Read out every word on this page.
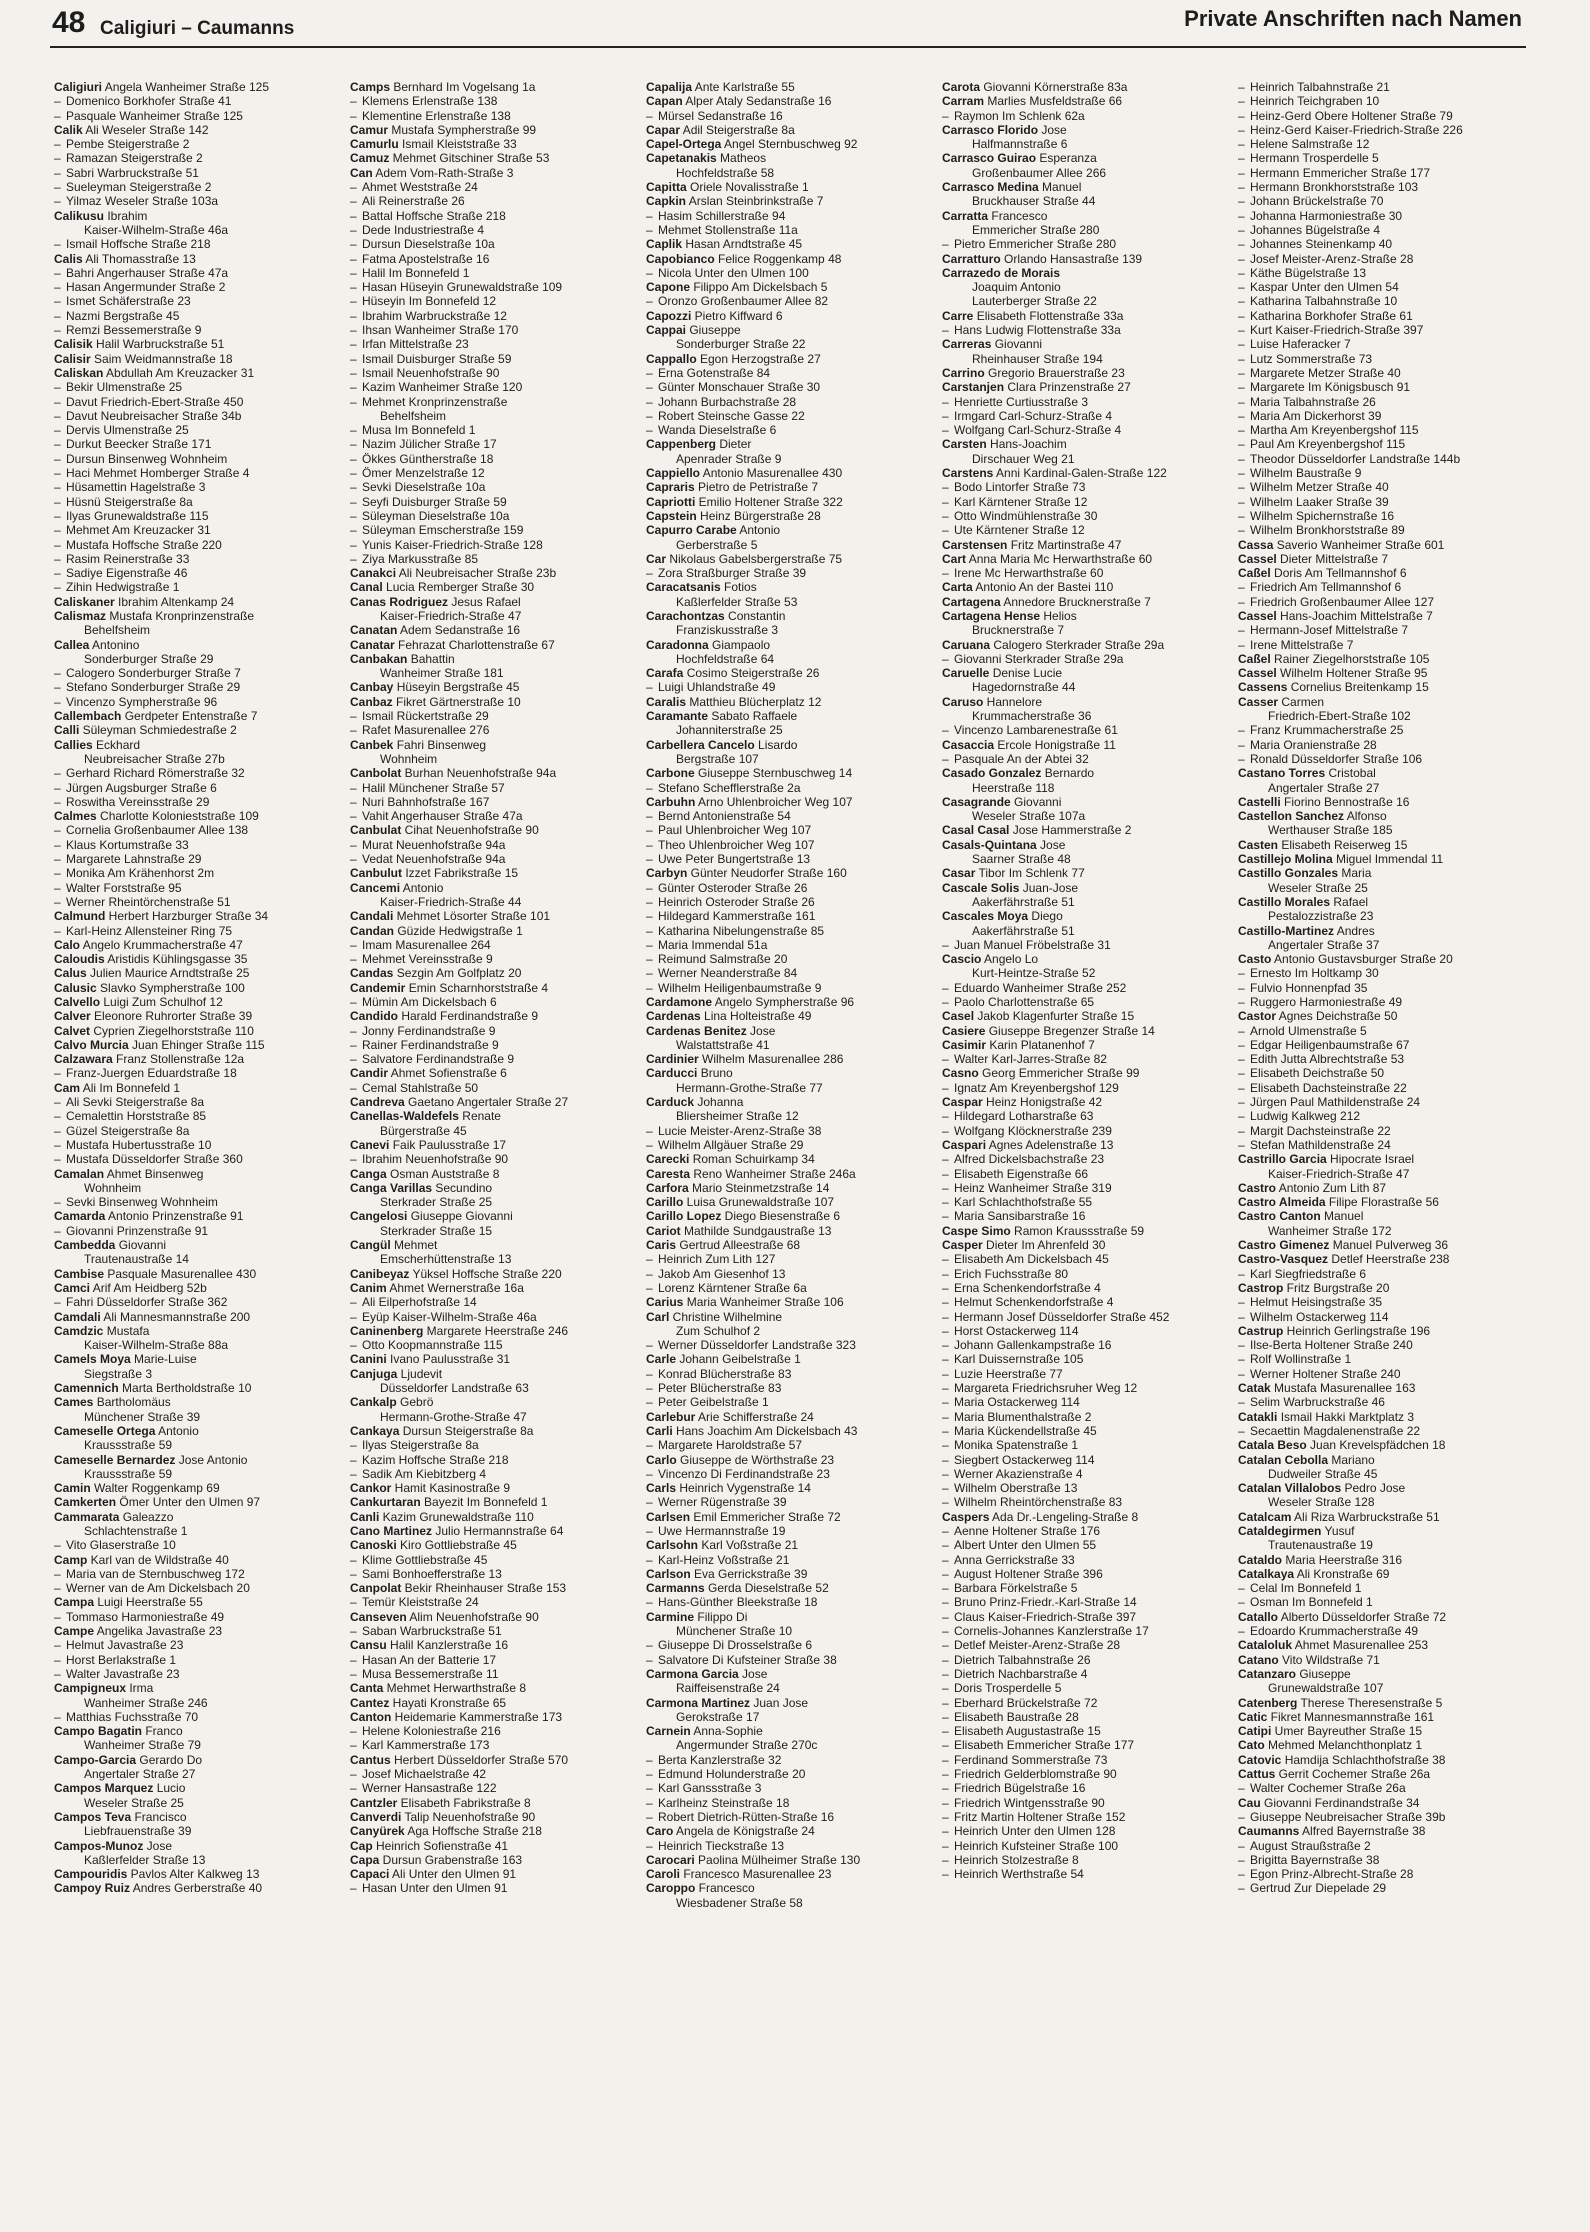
48 Caligiuri – Caumanns	Private Anschriften nach Namen
Caligiuri Angela Wanheimer Straße 125
– Domenico Borkhofer Straße 41
– Pasquale Wanheimer Straße 125
Calik Ali Weseler Straße 142
– Pembe Steigerstraße 2
– Ramazan Steigerstraße 2
– Sabri Warbruckstraße 51
– Sueleyman Steigerstraße 2
– Yilmaz Weseler Straße 103a
Calikusu Ibrahim
Kaiser-Wilhelm-Straße 46a
– Ismail Hoffsche Straße 218
Calis Ali Thomasstraße 13
– Bahri Angerhauser Straße 47a
– Hasan Angermunder Straße 2
– Ismet Schäferstraße 23
– Nazmi Bergstraße 45
– Remzi Bessemerstraße 9
Calisik Halil Warbruckstraße 51
Calisir Saim Weidmannstraße 18
Caliskan Abdullah Am Kreuzacker 31
– Bekir Ulmenstraße 25
– Davut Friedrich-Ebert-Straße 450
– Davut Neubreisacher Straße 34b
– Dervis Ulmenstraße 25
– Durkut Beecker Straße 171
– Dursun Binsenweg Wohnheim
– Haci Mehmet Homberger Straße 4
– Hüsamettin Hagelstraße 3
– Hüsnü Steigerstraße 8a
– Ilyas Grunewaldstraße 115
– Mehmet Am Kreuzacker 31
– Mustafa Hoffsche Straße 220
– Rasim Reinerstraße 33
– Sadiye Eigenstraße 46
– Zihin Hedwigstraße 1
Caliskaner Ibrahim Altenkamp 24
Calismaz Mustafa Kronprinzenstraße
Behelfsheim
Callea Antonino
Sonderburger Straße 29
– Calogero Sonderburger Straße 7
– Stefano Sonderburger Straße 29
– Vincenzo Sympherstraße 96
Callembach Gerdpeter Entenstraße 7
Calli Süleyman Schmiedestraße 2
Callies Eckhard
Neubreisacher Straße 27b
– Gerhard Richard Römerstraße 32
– Jürgen Augsburger Straße 6
– Roswitha Vereinsstraße 29
Calmes Charlotte Kolonieststraße 109
– Cornelia Großenbaumer Allee 138
– Klaus Kortumstraße 33
– Margarete Lahnstraße 29
– Monika Am Krähenhorst 2m
– Walter Forststraße 95
– Werner Rheintörchenstraße 51
Calmund Herbert Harzburger Straße 34
– Karl-Heinz Allensteiner Ring 75
Calo Angelo Krummacherstraße 47
Caloudis Aristidis Kühlingsgasse 35
Calus Julien Maurice Arndtstraße 25
Calusic Slavko Sympherstraße 100
Calvello Luigi Zum Schulhof 12
Calver Eleonore Ruhrorter Straße 39
Calvet Cyprien Ziegelhorststraße 110
Calvo Murcia Juan Ehinger Straße 115
Calzawara Franz Stollenstraße 12a
– Franz-Juergen Eduardstraße 18
Cam Ali Im Bonnefeld 1
– Ali Sevki Steigerstraße 8a
– Cemalettin Horststraße 85
– Güzel Steigerstraße 8a
– Mustafa Hubertusstraße 10
– Mustafa Düsseldorfer Straße 360
Camalan Ahmet Binsenweg
Wohnheim
– Sevki Binsenweg Wohnheim
Camarda Antonio Prinzenstraße 91
– Giovanni Prinzenstraße 91
Cambedda Giovanni
Trautenaustraße 14
Cambise Pasquale Masurenallee 430
Camci Arif Am Heidberg 52b
– Fahri Düsseldorfer Straße 362
Camdali Ali Mannesmannstraße 200
Camdzic Mustafa
Kaiser-Wilhelm-Straße 88a
Camels Moya Marie-Luise
Siegstraße 3
Camennich Marta Bertholdstraße 10
Cames Bartholomäus
Münchener Straße 39
Cameselle Ortega Antonio
Kraussstraße 59
Cameselle Bernardez Jose Antonio
Kraussstraße 59
Camin Walter Roggenkamp 69
Camkerten Ömer Unter den Ulmen 97
Cammarata Galeazzo
Schlachtenstraße 1
– Vito Glaserstraße 10
Camp Karl van de Wildstraße 40
– Maria van de Sternbuschweg 172
– Werner van de Am Dickelsbach 20
Campa Luigi Heerstraße 55
– Tommaso Harmoniestraße 49
Campe Angelika Javastraße 23
– Helmut Javastraße 23
– Horst Berlakstraße 1
– Walter Javastraße 23
Campigneux Irma
Wanheimer Straße 246
– Matthias Fuchsstraße 70
Campo Bagatin Franco
Wanheimer Straße 79
Campo-Garcia Gerardo Do
Angertaler Straße 27
Campos Marquez Lucio
Weseler Straße 25
Campos Teva Francisco
Liebfrauenstraße 39
Campos-Munoz Jose
Kaßlerfelder Straße 13
Campouridis Pavlos Alter Kalkweg 13
Campoy Ruiz Andres Gerberstraße 40
Camps Bernhard Im Vogelsang 1a
– Klemens Erlenstraße 138
– Klementine Erlenstraße 138
Camur Mustafa Sympherstraße 99
Camurlu Ismail Kleiststraße 33
Camuz Mehmet Gitschiner Straße 53
Can Adem Vom-Rath-Straße 3
– Ahmet Weststraße 24
– Ali Reinerstraße 26
– Battal Hoffsche Straße 218
– Dede Industriestraße 4
– Dursun Dieselstraße 10a
– Fatma Apostelstraße 16
– Halil Im Bonnefeld 1
– Hasan Hüseyin Grunewaldstraße 109
– Hüseyin Im Bonnefeld 12
– Ibrahim Warbruckstraße 12
– Ihsan Wanheimer Straße 170
– Irfan Mittelstraße 23
– Ismail Duisburger Straße 59
– Ismail Neuenhofstraße 90
– Kazim Wanheimer Straße 120
– Mehmet Kronprinzenstraße
Behelfsheim
– Musa Im Bonnefeld 1
– Nazim Jülicher Straße 17
– Ökkes Güntherstraße 18
– Ömer Menzelstraße 12
– Sevki Dieselstraße 10a
– Seyfi Duisburger Straße 59
– Süleyman Dieselstraße 10a
– Süleyman Emscherstraße 159
– Yunis Kaiser-Friedrich-Straße 128
– Ziya Markusstraße 85
Canakci Ali Neubreisacher Straße 23b
Canal Lucia Remberger Straße 30
Canas Rodriguez Jesus Rafael
Kaiser-Friedrich-Straße 47
Canatan Adem Sedanstraße 16
Canatar Fehrazat Charlottenstraße 67
Canbakan Bahattin
Wanheimer Straße 181
Canbay Hüseyin Bergstraße 45
Canbaz Fikret Gärtnerstraße 10
– Ismail Rückertstraße 29
– Rafet Masurenallee 276
Canbek Fahri Binsenweg
Wohnheim
Canbolat Burhan Neuenhofstraße 94a
– Halil Münchener Straße 57
– Nuri Bahnhofstraße 167
– Vahit Angerhauser Straße 47a
Canbulat Cihat Neuenhofstraße 90
– Murat Neuenhofstraße 94a
– Vedat Neuenhofstraße 94a
Canbulut Izzet Fabrikstraße 15
Cancemi Antonio
Kaiser-Friedrich-Straße 44
Candali Mehmet Lösorter Straße 101
Candan Güzide Hedwigstraße 1
– Imam Masurenallee 264
– Mehmet Vereinsstraße 9
Candas Sezgin Am Golfplatz 20
Candemir Emin Scharnhorststraße 4
– Mümin Am Dickelsbach 6
Candido Harald Ferdinandstraße 9
– Jonny Ferdinandstraße 9
– Rainer Ferdinandstraße 9
– Salvatore Ferdinandstraße 9
Candir Ahmet Sofienstraße 6
– Cemal Stahlstraße 50
Candreva Gaetano Angertaler Straße 27
Canellas-Waldefels Renate
Bürgerstraße 45
Canevi Faik Paulusstraße 17
– Ibrahim Neuenhofstraße 90
Canga Osman Auststraße 8
Canga Varillas Secundino
Sterkrader Straße 25
Cangelosi Giuseppe Giovanni
Sterkrader Straße 15
Cangül Mehmet
Emscherhüttenstraße 13
Canibeyaz Yüksel Hoffsche Straße 220
Canim Ahmet Wernerstraße 16a
– Ali Eilperhofstraße 14
– Eyüp Kaiser-Wilhelm-Straße 46a
Caninenberg Margarete Heerstraße 246
– Otto Koopmannstraße 115
Canini Ivano Paulusstraße 31
Canjuga Ljudevit
Düsseldorfer Landstraße 63
Cankalp Gebrö
Hermann-Grothe-Straße 47
Cankaya Dursun Steigerstraße 8a
– Ilyas Steigerstraße 8a
– Kazim Hoffsche Straße 218
– Sadik Am Kiebitzberg 4
Cankor Hamit Kasinostraße 9
Cankurtaran Bayezit Im Bonnefeld 1
Canli Kazim Grunewaldstraße 110
Cano Martinez Julio Hermannstraße 64
Canoski Kiro Gottliebstraße 45
– Klime Gottliebstraße 45
– Sami Bonhoefferstraße 13
Canpolat Bekir Rheinhauser Straße 153
– Temür Kleiststraße 24
Canseven Alim Neuenhofstraße 90
– Saban Warbruckstraße 51
Cansu Halil Kanzlerstraße 16
– Hasan An der Batterie 17
– Musa Bessemerstraße 11
Canta Mehmet Herwarthstraße 8
Cantez Hayati Kronstraße 65
Canton Heidemarie Kammerstraße 173
– Helene Koloniestraße 216
– Karl Kammerstraße 173
Cantus Herbert Düsseldorfer Straße 570
– Josef Michaelstraße 42
– Werner Hansastraße 122
Cantzler Elisabeth Fabrikstraße 8
Canverdi Talip Neuenhofstraße 90
Canyürek Aga Hoffsche Straße 218
Cap Heinrich Sofienstraße 41
Capa Dursun Grabenstraße 163
Capaci Ali Unter den Ulmen 91
– Hasan Unter den Ulmen 91
Capalija Ante Karlstraße 55
Capan Alper Ataly Sedanstraße 16
– Mürsel Sedanstraße 16
Capar Adil Steigerstraße 8a
Capel-Ortega Angel Sternbuschweg 92
Capetanakis Matheos
Hochfeldstraße 58
Capitta Oriele Novalisstraße 1
Capkin Arslan Steinbrinkstraße 7
– Hasim Schillerstraße 94
– Mehmet Stollenstraße 11a
Caplik Hasan Arndtstraße 45
Capobianco Felice Roggenkamp 48
– Nicola Unter den Ulmen 100
Capone Filippo Am Dickelsbach 5
– Oronzo Großenbaumer Allee 82
Capozzi Pietro Kiffward 6
Cappai Giuseppe
Sonderburger Straße 22
Cappallo Egon Herzogstraße 27
– Erna Gotenstraße 84
– Günter Monschauer Straße 30
– Johann Burbachstraße 28
– Robert Steinsche Gasse 22
– Wanda Dieselstraße 6
Cappenberg Dieter
Apenrader Straße 9
Cappiello Antonio Masurenallee 430
Capraris Pietro de Petristraße 7
Capriotti Emilio Holtener Straße 322
Capstein Heinz Bürgerstraße 28
Capurro Carabe Antonio
Gerberstraße 5
Car Nikolaus Gabelsbergerstraße 75
– Zora Straßburger Straße 39
Caracatsanis Fotios
Kaßlerfelder Straße 53
Carachontzas Constantin
Franziskusstraße 3
Caradonna Giampaolo
Hochfeldstraße 64
Carafa Cosimo Steigerstraße 26
– Luigi Uhlandstraße 49
Caralis Matthieu Blücherplatz 12
Caramante Sabato Raffaele
Johanniterstraße 25
Carbellera Cancelo Lisardo
Bergstraße 107
Carbone Giuseppe Sternbuschweg 14
– Stefano Schefflerstraße 2a
Carbuhn Arno Uhlenbroicher Weg 107
– Bernd Antonienstraße 54
– Paul Uhlenbroicher Weg 107
– Theo Uhlenbroicher Weg 107
– Uwe Peter Bungertstraße 13
Carbyn Günter Neudorfer Straße 160
– Günter Osteroder Straße 26
– Heinrich Osteroder Straße 26
– Hildegard Kammerstraße 161
– Katharina Nibelungenstraße 85
– Maria Immendal 51a
– Reimund Salmstraße 20
– Werner Neanderstraße 84
– Wilhelm Heiligenbaumstraße 9
Cardamone Angelo Sympherstraße 96
Cardenas Lina Holteistraße 49
Cardenas Benitez Jose
Walstattstraße 41
Cardinier Wilhelm Masurenallee 286
Carducci Bruno
Hermann-Grothe-Straße 77
Carduck Johanna
Bliersheimer Straße 12
– Lucie Meister-Arenz-Straße 38
– Wilhelm Allgäuer Straße 29
Carecki Roman Schuirkamp 34
Caresta Reno Wanheimer Straße 246a
Carfora Mario Steinmetzstraße 14
Carillo Luisa Grunewaldstraße 107
Carillo Lopez Diego Biesenstraße 6
Cariot Mathilde Sundgaustraße 13
Caris Gertrud Alleestraße 68
– Heinrich Zum Lith 127
– Jakob Am Giesenhof 13
– Lorenz Kärntener Straße 6a
Carius Maria Wanheimer Straße 106
Carl Christine Wilhelmine
Zum Schulhof 2
– Werner Düsseldorfer Landstraße 323
Carle Johann Geibelstraße 1
– Konrad Blücherstraße 83
– Peter Blücherstraße 83
– Peter Geibelstraße 1
Carlebur Arie Schifferstraße 24
Carli Hans Joachim Am Dickelsbach 43
– Margarete Haroldstraße 57
Carlo Giuseppe de Wörthstraße 23
– Vincenzo Di Ferdinandstraße 23
Carls Heinrich Vygenstraße 14
– Werner Rügenstraße 39
Carlsen Emil Emmericher Straße 72
– Uwe Hermannstraße 19
Carlsohn Karl Voßstraße 21
– Karl-Heinz Voßstraße 21
Carlson Eva Gerrickstraße 39
Carmanns Gerda Dieselstraße 52
– Hans-Günther Bleekstraße 18
Carmine Filippo Di
Münchener Straße 10
– Giuseppe Di Drosselstraße 6
– Salvatore Di Kufsteiner Straße 38
Carmona Garcia Jose
Raiffeisenstraße 24
Carmona Martinez Juan Jose
Gerokstraße 17
Carnein Anna-Sophie
Angermunder Straße 270c
– Berta Kanzlerstraße 32
– Edmund Holunderstraße 20
– Karl Ganssstraße 3
– Karlheinz Steinstraße 18
– Robert Dietrich-Rütten-Straße 16
Caro Angela de Königstraße 24
– Heinrich Tieckstraße 13
Carocari Paolina Mülheimer Straße 130
Caroli Francesco Masurenallee 23
Caroppo Francesco
Wiesbadener Straße 58
Carota Giovanni Körnerstraße 83a
Carram Marlies Musfeldstraße 66
– Raymon Im Schlenk 62a
Carrasco Florido Jose
Halfmannstraße 6
Carrasco Guirao Esperanza
Großenbaumer Allee 266
Carrasco Medina Manuel
Bruckhauser Straße 44
Carratta Francesco
Emmericher Straße 280
– Pietro Emmericher Straße 280
Carratturo Orlando Hansastraße 139
Carrazedo de Morais
Joaquim Antonio
Lauterberger Straße 22
Carre Elisabeth Flottenstraße 33a
– Hans Ludwig Flottenstraße 33a
Carreras Giovanni
Rheinhauser Straße 194
Carrino Gregorio Brauerstraße 23
Carstanjen Clara Prinzenstraße 27
– Henriette Curtiusstraße 3
– Irmgard Carl-Schurz-Straße 4
– Wolfgang Carl-Schurz-Straße 4
Carsten Hans-Joachim
Dirschauer Weg 21
Carstens Anni Kardinal-Galen-Straße 122
– Bodo Lintorfer Straße 73
– Karl Kärntener Straße 12
– Otto Windmühlenstraße 30
– Ute Kärntener Straße 12
Carstensen Fritz Martinstraße 47
Cart Anna Maria Mc Herwarthstraße 60
– Irene Mc Herwarthstraße 60
Carta Antonio An der Bastei 110
Cartagena Annedore Brucknerstraße 7
Cartagena Hense Helios
Brucknerstraße 7
Caruana Calogero Sterkrader Straße 29a
– Giovanni Sterkrader Straße 29a
Caruelle Denise Lucie
Hagedornstraße 44
Caruso Hannelore
Krummacherstraße 36
– Vincenzo Lambarenestraße 61
Casaccia Ercole Honigstraße 11
– Pasquale An der Abtei 32
Casado Gonzalez Bernardo
Heerstraße 118
Casagrande Giovanni
Weseler Straße 107a
Casal Casal Jose Hammerstraße 2
Casals-Quintana Jose
Saarner Straße 48
Casar Tibor Im Schlenk 77
Cascale Solis Juan-Jose
Aakerfährstraße 51
Cascales Moya Diego
Aakerfährstraße 51
– Juan Manuel Fröbelstraße 31
Cascio Angelo Lo
Kurt-Heintze-Straße 52
– Eduardo Wanheimer Straße 252
– Paolo Charlottenstraße 65
Casel Jakob Klagenfurter Straße 15
Casiere Giuseppe Bregenzer Straße 14
Casimir Karin Platanenhof 7
– Walter Karl-Jarres-Straße 82
Casno Georg Emmericher Straße 99
– Ignatz Am Kreyenbergshof 129
Caspar Heinz Honigstraße 42
– Hildegard Lotharstraße 63
– Wolfgang Klöcknerstraße 239
Caspari Agnes Adelenstraße 13
– Alfred Dickelsbachstraße 23
– Elisabeth Eigenstraße 66
– Heinz Wanheimer Straße 319
– Karl Schlachthofstraße 55
– Maria Sansibarstraße 16
Caspe Simo Ramon Kraussstraße 59
Casper Dieter Im Ahrenfeld 30
– Elisabeth Am Dickelsbach 45
– Erich Fuchsstraße 80
– Erna Schenkendorfstraße 4
– Helmut Schenkendorfstraße 4
– Hermann Josef Düsseldorfer Straße 452
– Horst Ostackerweg 114
– Johann Gallenkampstraße 16
– Karl Duissernstraße 105
– Luzie Heerstraße 77
– Margareta Friedrichsruher Weg 12
– Maria Ostackerweg 114
– Maria Blumenthalstraße 2
– Maria Kückendellstraße 45
– Monika Spatenstraße 1
– Siegbert Ostackerweg 114
– Werner Akazienstraße 4
– Wilhelm Oberstraße 13
– Wilhelm Rheintörchenstraße 83
Caspers Ada Dr.-Lengeling-Straße 8
– Aenne Holtener Straße 176
– Albert Unter den Ulmen 55
– Anna Gerrickstraße 33
– August Holtener Straße 396
– Barbara Förkelstraße 5
– Bruno Prinz-Friedr.-Karl-Straße 14
– Claus Kaiser-Friedrich-Straße 397
– Cornelis-Johannes Kanzlerstraße 17
– Detlef Meister-Arenz-Straße 28
– Dietrich Talbahnstraße 26
– Dietrich Nachbarstraße 4
– Doris Trosperdelle 5
– Eberhard Brückelstraße 72
– Elisabeth Baustraße 28
– Elisabeth Augustastraße 15
– Elisabeth Emmericher Straße 177
– Ferdinand Sommerstraße 73
– Friedrich Gelderblomstraße 90
– Friedrich Bügelstraße 16
– Friedrich Wintgensstraße 90
– Fritz Martin Holtener Straße 152
– Heinrich Unter den Ulmen 128
– Heinrich Kufsteiner Straße 100
– Heinrich Stolzestraße 8
– Heinrich Werthstraße 54
– Heinrich Talbahnstraße 21
– Heinrich Teichgraben 10
– Heinz-Gerd Obere Holtener Straße 79
– Heinz-Gerd Kaiser-Friedrich-Straße 226
– Helene Salmstraße 12
– Hermann Trosperdelle 5
– Hermann Emmericher Straße 177
– Hermann Bronkhorststraße 103
– Johann Brückelstraße 70
– Johanna Harmoniestraße 30
– Johannes Bügelstraße 4
– Johannes Steinenkamp 40
– Josef Meister-Arenz-Straße 28
– Käthe Bügelstraße 13
– Kaspar Unter den Ulmen 54
– Katharina Talbahnstraße 10
– Katharina Borkhofer Straße 61
– Kurt Kaiser-Friedrich-Straße 397
– Luise Haferacker 7
– Lutz Sommerstraße 73
– Margarete Metzer Straße 40
– Margarete Im Königsbusch 91
– Maria Talbahnstraße 26
– Maria Am Dickerhorst 39
– Martha Am Kreyenbergshof 115
– Paul Am Kreyenbergshof 115
– Theodor Düsseldorfer Landstraße 144b
– Wilhelm Baustraße 9
– Wilhelm Metzer Straße 40
– Wilhelm Laaker Straße 39
– Wilhelm Spichernstraße 16
– Wilhelm Bronkhorststraße 89
Cassa Saverio Wanheimer Straße 601
Cassel Dieter Mittelstraße 7
Caßel Doris Am Tellmannshof 6
– Friedrich Am Tellmannshof 6
– Friedrich Großenbaumer Allee 127
Cassel Hans-Joachim Mittelstraße 7
– Hermann-Josef Mittelstraße 7
– Irene Mittelstraße 7
Caßel Rainer Ziegelhorststraße 105
Cassel Wilhelm Holtener Straße 95
Cassens Cornelius Breitenkamp 15
Casser Carmen
Friedrich-Ebert-Straße 102
– Franz Krummacherstraße 25
– Maria Oranienstraße 28
– Ronald Düsseldorfer Straße 106
Castano Torres Cristobal
Angertaler Straße 27
Castelli Fiorino Bennostraße 16
Castellon Sanchez Alfonso
Werthauser Straße 185
Casten Elisabeth Reiserweg 15
Castillejo Molina Miguel Immendal 11
Castillo Gonzales Maria
Weseler Straße 25
Castillo Morales Rafael
Pestalozzistraße 23
Castillo-Martinez Andres
Angertaler Straße 37
Casto Antonio Gustavsburger Straße 20
– Ernesto Im Holtkamp 30
– Fulvio Honnenpfad 35
– Ruggero Harmoniestraße 49
Castor Agnes Deichstraße 50
– Arnold Ulmenstraße 5
– Edgar Heiligenbaumstraße 67
– Edith Jutta Albrechtstraße 53
– Elisabeth Deichstraße 50
– Elisabeth Dachsteinstraße 22
– Jürgen Paul Mathildenstraße 24
– Ludwig Kalkweg 212
– Margit Dachsteinstraße 22
– Stefan Mathildenstraße 24
Castrillo Garcia Hipocrate Israel
Kaiser-Friedrich-Straße 47
Castro Antonio Zum Lith 87
Castro Almeida Filipe Florastraße 56
Castro Canton Manuel
Wanheimer Straße 172
Castro Gimenez Manuel Pulverweg 36
Castro-Vasquez Detlef Heerstraße 238
– Karl Siegfriedstraße 6
Castrop Fritz Burgstraße 20
– Helmut Heisingstraße 35
– Wilhelm Ostackerweg 114
Castrup Heinrich Gerlingstraße 196
– Ilse-Berta Holtener Straße 240
– Rolf Wollinstraße 1
– Werner Holtener Straße 240
Catak Mustafa Masurenallee 163
– Selim Warbruckstraße 46
Catakli Ismail Hakki Marktplatz 3
– Secaettin Magdalenenstraße 22
Catala Beso Juan Krevelspfädchen 18
Catalan Cebolla Mariano
Dudweiler Straße 45
Catalan Villalobos Pedro Jose
Weseler Straße 128
Catalcam Ali Riza Warbruckstraße 51
Cataldegirmen Yusuf
Trautenaustraße 19
Cataldo Maria Heerstraße 316
Catalkaya Ali Kronstraße 69
– Celal Im Bonnefeld 1
– Osman Im Bonnefeld 1
Catallo Alberto Düsseldorfer Straße 72
– Edoardo Krummacherstraße 49
Cataloluk Ahmet Masurenallee 253
Catano Vito Wildstraße 71
Catanzaro Giuseppe
Grunewaldstraße 107
Catenberg Therese Theresenstraße 5
Catic Fikret Mannesmannstraße 161
Catipi Umer Bayreuther Straße 15
Cato Mehmed Melanchthonplatz 1
Catovic Hamdija Schlachthofstraße 38
Cattus Gerrit Cochemer Straße 26a
– Walter Cochemer Straße 26a
Cau Giovanni Ferdinandstraße 34
– Giuseppe Neubreisacher Straße 39b
Caumanns Alfred Bayernstraße 38
– August Straußstraße 2
– Brigitta Bayernstraße 38
– Egon Prinz-Albrecht-Straße 28
– Gertrud Zur Diepelade 29
